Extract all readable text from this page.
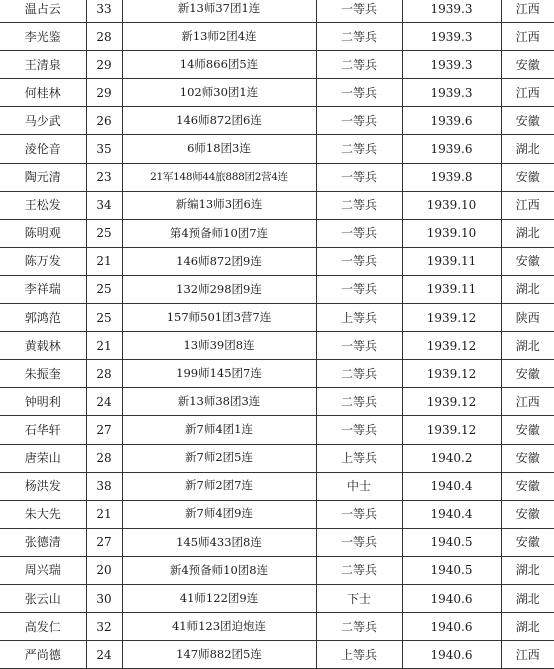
温占云	33	新13师37团1连	一等兵	1939.3	江西
李光鉴	28	新13师2团4连	二等兵	1939.3	江西
王清泉	29	14师866团5连	二等兵	1939.3	安徽
何桂林	29	102师30团1连	一等兵	1939.3	江西
马少武	26	146师872团6连	一等兵	1939.6	安徽
淩伦音	35	6师18团3连	二等兵	1939.6	湖北
陶元清	23	21军148师44旅888团2营4连	一等兵	1939.8	安徽
王松发	34	新编13师3团6连	二等兵	1939.10	江西
陈明观	25	第4预备师10团7连	一等兵	1939.10	湖北
陈万发	21	146师872团9连	一等兵	1939.11	安徽
李祥瑞	25	132师298团9连	一等兵	1939.11	湖北
郭鸿范	25	157师501团3营7连	上等兵	1939.12	陕西
黄载林	21	13师39团8连	一等兵	1939.12	湖北
朱振奎	28	199师145团7连	二等兵	1939.12	安徽
钟明利	24	新13师38团3连	二等兵	1939.12	江西
石华轩	27	新7师4团1连	一等兵	1939.12	安徽
唐荣山	28	新7师2团5连	上等兵	1940.2	安徽
杨洪发	38	新7师2团7连	中士	1940.4	安徽
朱大先	21	新7师4团9连	一等兵	1940.4	安徽
张德清	27	145师433团8连	一等兵	1940.5	安徽
周兴瑞	20	新4预备师10团8连	二等兵	1940.5	湖北
张云山	30	41师122团9连	下士	1940.6	湖北
高发仁	32	41师123团迫炮连	二等兵	1940.6	湖北
严尚德	24	147师882团5连	上等兵	1940.6	江西
